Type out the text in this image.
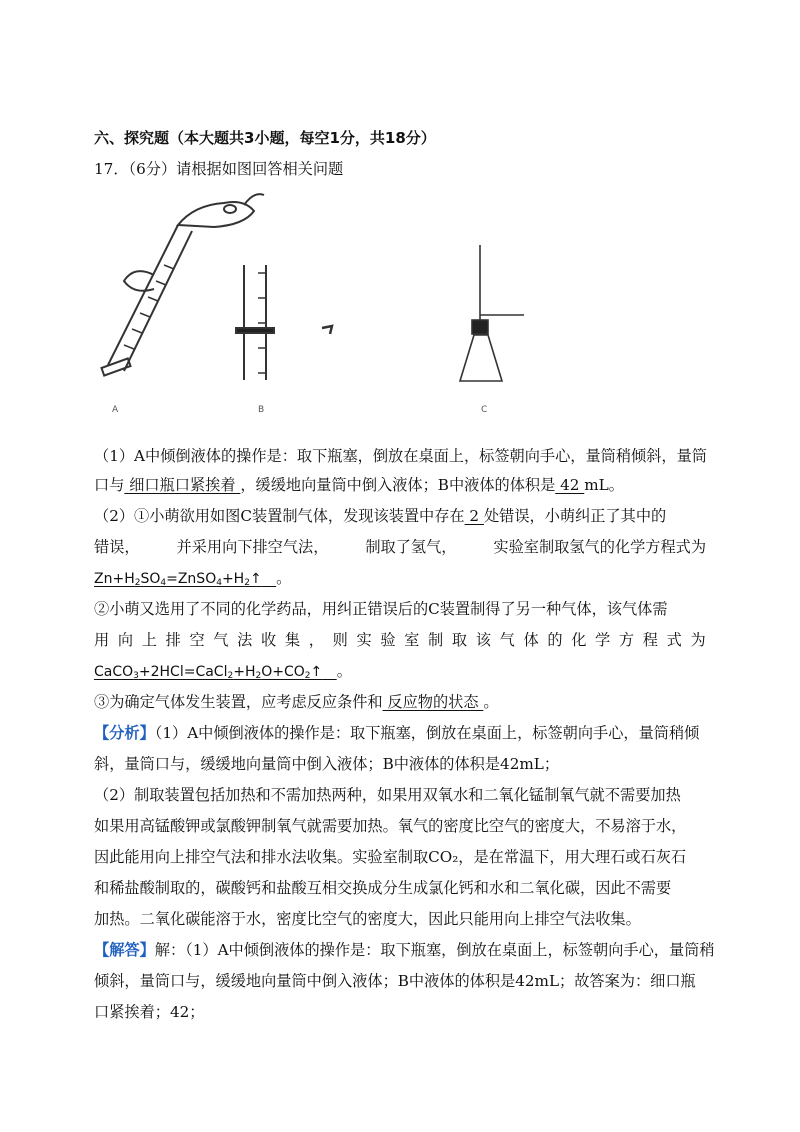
六、探究题（本大题共3小题，每空1分，共18分）
17．（6分）请根据如图回答相关问题
A	B	C
（1）A中倾倒液体的操作是：取下瓶塞，倒放在桌面上，标签朝向手心，量筒稍倾斜，量筒
口与 细口瓶口紧挨着 ，缓缓地向量筒中倒入液体；B中液体的体积是 42 mL。
（2）①小萌欲用如图C装置制气体，发现该装置中存在 2 处错误，小萌纠正了其中的
错误， 并采用向下排空气法， 制取了氢气， 实验室制取氢气的化学方程式为
$Zn+H_2SO_4=ZnSO_4+H_2↑$ 。
②小萌又选用了不同的化学药品，用纠正错误后的C装置制得了另一种气体，该气体需
用 向 上 排 空 气 法 收 集 ， 则 实 验 室 制 取 该 气 体 的 化 学 方 程 式 为
$CaCO_3+2HCl=CaCl_2+H_2O+CO_2↑$ 。
③为确定气体发生装置，应考虑反应条件和 反应物的状态 。
【分析】（1）A中倾倒液体的操作是：取下瓶塞，倒放在桌面上，标签朝向手心，量筒稍倾
斜，量筒口与，缓缓地向量筒中倒入液体；B中液体的体积是42mL；
（2）制取装置包括加热和不需加热两种，如果用双氧水和二氧化锰制氧气就不需要加热
如果用高锰酸钾或氯酸钾制氧气就需要加热。氧气的密度比空气的密度大，不易溶于水，
因此能用向上排空气法和排水法收集。实验室制取CO₂，是在常温下，用大理石或石灰石
和稀盐酸制取的，碳酸钙和盐酸互相交换成分生成氯化钙和水和二氧化碳，因此不需要
加热。二氧化碳能溶于水，密度比空气的密度大，因此只能用向上排空气法收集。
【解答】解：（1）A中倾倒液体的操作是：取下瓶塞，倒放在桌面上，标签朝向手心，量筒稍
倾斜，量筒口与，缓缓地向量筒中倒入液体；B中液体的体积是42mL；故答案为：细口瓶
口紧挨着；42；
